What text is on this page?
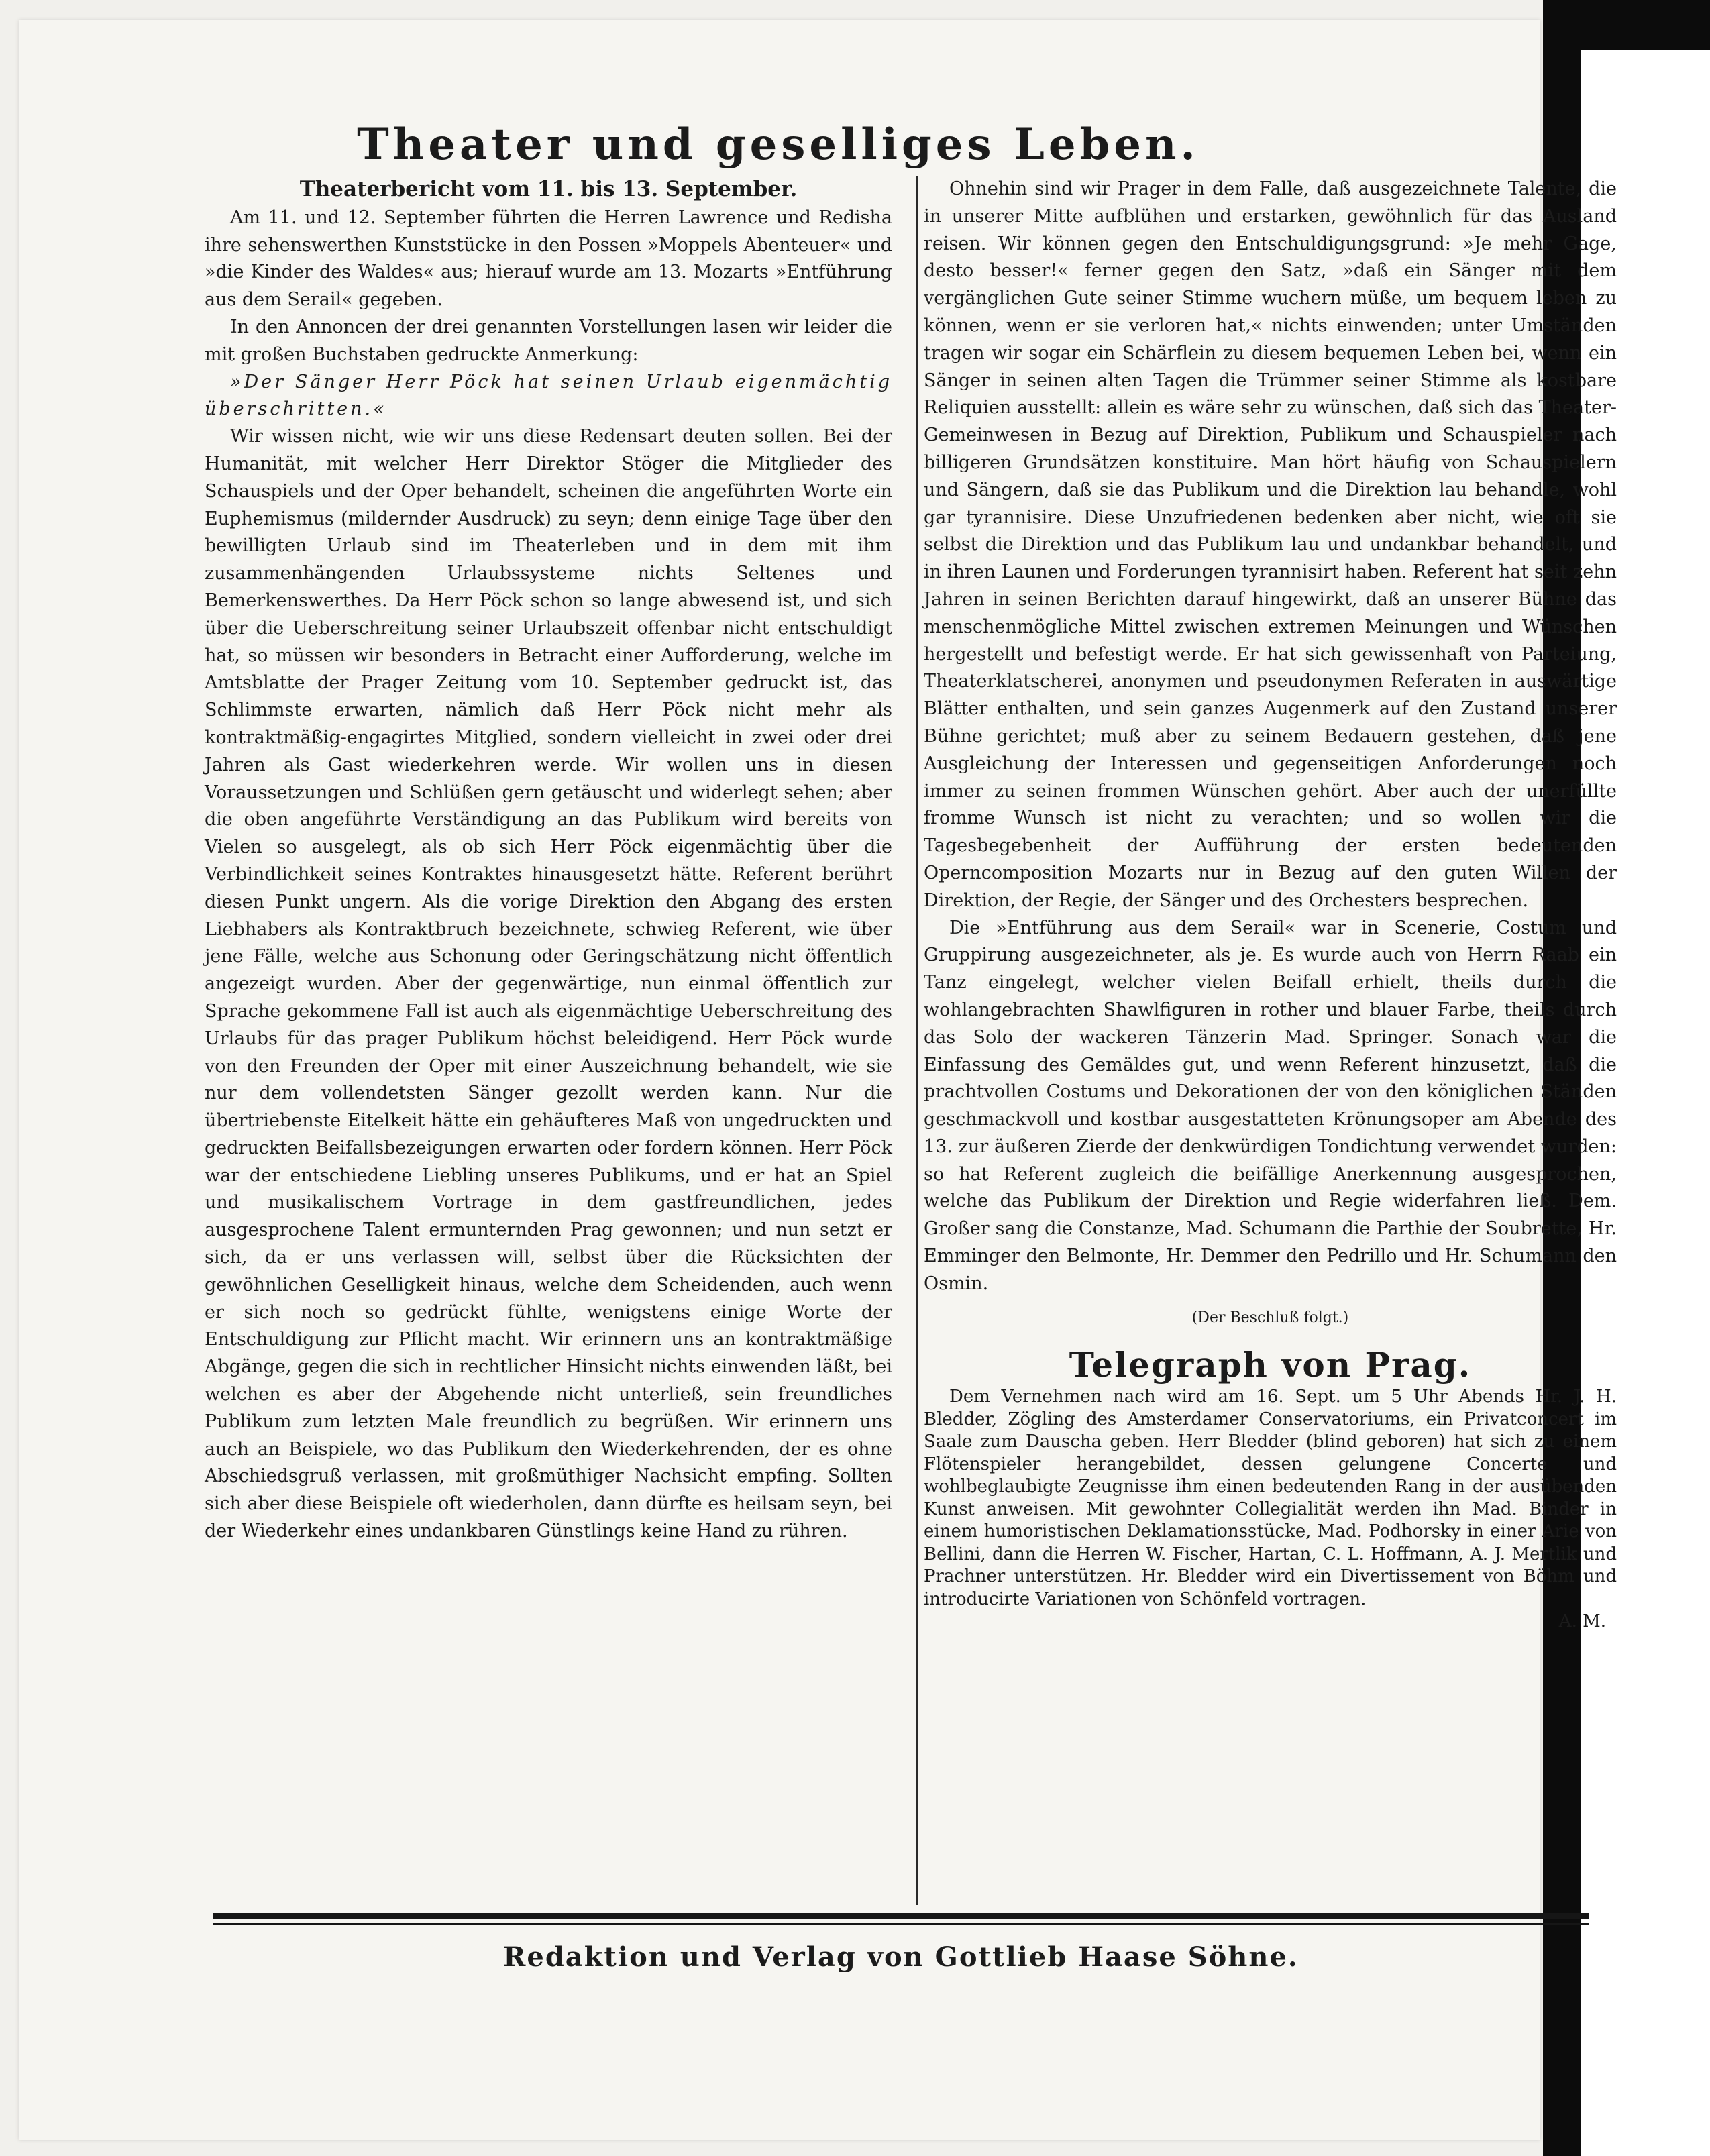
Theater und geselliges Leben.
Theaterbericht vom 11. bis 13. September.

Am 11. und 12. September führten die Herren Lawrence und Redisha ihre sehenswerthen Kunststücke in den Possen »Moppels Abenteuer« und »die Kinder des Waldes« aus; hierauf wurde am 13. Mozarts »Entführung aus dem Serail« gegeben.

In den Annoncen der drei genannten Vorstellungen lasen wir leider die mit großen Buchstaben gedruckte Anmerkung:

»Der Sänger Herr Pöck hat seinen Urlaub eigenmächtig überschritten.«

Wir wissen nicht, wie wir uns diese Redensart deuten sollen. Bei der Humanität, mit welcher Herr Direktor Stöger die Mitglieder des Schauspiels und der Oper behandelt, scheinen die angeführten Worte ein Euphemismus (mildernder Ausdruck) zu seyn; denn einige Tage über den bewilligten Urlaub sind im Theaterleben und in dem mit ihm zusammenhängenden Urlaubssysteme nichts Seltenes und Bemerkenswerthes. Da Herr Pöck schon so lange abwesend ist, und sich über die Ueberschreitung seiner Urlaubszeit offenbar nicht entschuldigt hat, so müssen wir besonders in Betracht einer Aufforderung, welche im Amtsblatte der Prager Zeitung vom 10. September gedruckt ist, das Schlimmste erwarten, nämlich daß Herr Pöck nicht mehr als kontraktmäßig-engagirtes Mitglied, sondern vielleicht in zwei oder drei Jahren als Gast wiederkehren werde. Wir wollen uns in diesen Voraussetzungen und Schlüßen gern getäuscht und widerlegt sehen; aber die oben angeführte Verständigung an das Publikum wird bereits von Vielen so ausgelegt, als ob sich Herr Pöck eigenmächtig über die Verbindlichkeit seines Kontraktes hinausgesetzt hätte. Referent berührt diesen Punkt ungern. Als die vorige Direktion den Abgang des ersten Liebhabers als Kontraktbruch bezeichnete, schwieg Referent, wie über jene Fälle, welche aus Schonung oder Geringschätzung nicht öffentlich angezeigt wurden. Aber der gegenwärtige, nun einmal öffentlich zur Sprache gekommene Fall ist auch als eigenmächtige Ueberschreitung des Urlaubs für das prager Publikum höchst beleidigend. Herr Pöck wurde von den Freunden der Oper mit einer Auszeichnung behandelt, wie sie nur dem vollendetsten Sänger gezollt werden kann. Nur die übertriebenste Eitelkeit hätte ein gehäufteres Maß von ungedruckten und gedruckten Beifallsbezeigungen erwarten oder fordern können. Herr Pöck war der entschiedene Liebling unseres Publikums, und er hat an Spiel und musikalischem Vortrage in dem gastfreundlichen, jedes ausgesprochene Talent ermunternden Prag gewonnen; und nun setzt er sich, da er uns verlassen will, selbst über die Rücksichten der gewöhnlichen Geselligkeit hinaus, welche dem Scheidenden, auch wenn er sich noch so gedrückt fühlte, wenigstens einige Worte der Entschuldigung zur Pflicht macht. Wir erinnern uns an kontraktmäßige Abgänge, gegen die sich in rechtlicher Hinsicht nichts einwenden läßt, bei welchen es aber der Abgehende nicht unterließ, sein freundliches Publikum zum letzten Male freundlich zu begrüßen. Wir erinnern uns auch an Beispiele, wo das Publikum den Wiederkehrenden, der es ohne Abschiedsgruß verlassen, mit großmüthiger Nachsicht empfing. Sollten sich aber diese Beispiele oft wiederholen, dann dürfte es heilsam seyn, bei der Wiederkehr eines undankbaren Günstlings keine Hand zu rühren.

Ohnehin sind wir Prager in dem Falle, daß ausgezeichnete Talente, die in unserer Mitte aufblühen und erstarken, gewöhnlich für das Ausland reisen. Wir können gegen den Entschuldigungsgrund: »Je mehr Gage, desto besser!« ferner gegen den Satz, »daß ein Sänger mit dem vergänglichen Gute seiner Stimme wuchern müße, um bequem leben zu können, wenn er sie verloren hat,« nichts einwenden; unter Umständen tragen wir sogar ein Schärflein zu diesem bequemen Leben bei, wenn ein Sänger in seinen alten Tagen die Trümmer seiner Stimme als kostbare Reliquien ausstellt: allein es wäre sehr zu wünschen, daß sich das Theater-Gemeinwesen in Bezug auf Direktion, Publikum und Schauspieler nach billigeren Grundsätzen konstituire. Man hört häufig von Schauspielern und Sängern, daß sie das Publikum und die Direktion lau behandle, wohl gar tyrannisire. Diese Unzufriedenen bedenken aber nicht, wie oft sie selbst die Direktion und das Publikum lau und undankbar behandelt, und in ihren Launen und Forderungen tyrannisirt haben. Referent hat seit zehn Jahren in seinen Berichten darauf hingewirkt, daß an unserer Bühne das menschenmögliche Mittel zwischen extremen Meinungen und Wünschen hergestellt und befestigt werde. Er hat sich gewissenhaft von Parteiung, Theaterklatscherei, anonymen und pseudonymen Referaten in auswärtige Blätter enthalten, und sein ganzes Augenmerk auf den Zustand unserer Bühne gerichtet; muß aber zu seinem Bedauern gestehen, daß jene Ausgleichung der Interessen und gegenseitigen Anforderungen noch immer zu seinen frommen Wünschen gehört. Aber auch der unerfüllte fromme Wunsch ist nicht zu verachten; und so wollen wir die Tagesbegebenheit der Aufführung der ersten bedeutenden Operncomposition Mozarts nur in Bezug auf den guten Willen der Direktion, der Regie, der Sänger und des Orchesters besprechen.

Die »Entführung aus dem Serail« war in Scenerie, Costum und Gruppirung ausgezeichneter, als je. Es wurde auch von Herrn Raab ein Tanz eingelegt, welcher vielen Beifall erhielt, theils durch die wohlangebrachten Shawlfiguren in rother und blauer Farbe, theils durch das Solo der wackeren Tänzerin Mad. Springer. Sonach war die Einfassung des Gemäldes gut, und wenn Referent hinzusetzt, daß die prachtvollen Costums und Dekorationen der von den königlichen Ständen geschmackvoll und kostbar ausgestatteten Krönungsoper am Abende des 13. zur äußeren Zierde der denkwürdigen Tondichtung verwendet wurden: so hat Referent zugleich die beifällige Anerkennung ausgesprochen, welche das Publikum der Direktion und Regie widerfahren ließ. Dem. Großer sang die Constanze, Mad. Schumann die Parthie der Soubrette, Hr. Emminger den Belmonte, Hr. Demmer den Pedrillo und Hr. Schumann den Osmin.

(Der Beschluß folgt.)
Telegraph von Prag.

Dem Vernehmen nach wird am 16. Sept. um 5 Uhr Abends Hr. J. H. Bledder, Zögling des Amsterdamer Conservatoriums, ein Privatconcert im Saale zum Dauscha geben. Herr Bledder (blind geboren) hat sich zu einem Flötenspieler herangebildet, dessen gelungene Concerte und wohlbeglaubigte Zeugnisse ihm einen bedeutenden Rang in der ausübenden Kunst anweisen. Mit gewohnter Collegialität werden ihn Mad. Binder in einem humoristischen Deklamationsstücke, Mad. Podhorsky in einer Arie von Bellini, dann die Herren W. Fischer, Hartan, C. L. Hoffmann, A. J. Mertlik und Prachner unterstützen. Hr. Bledder wird ein Divertissement von Böhm und introducirte Variationen von Schönfeld vortragen.

A. M.
Redaktion und Verlag von Gottlieb Haase Söhne.
